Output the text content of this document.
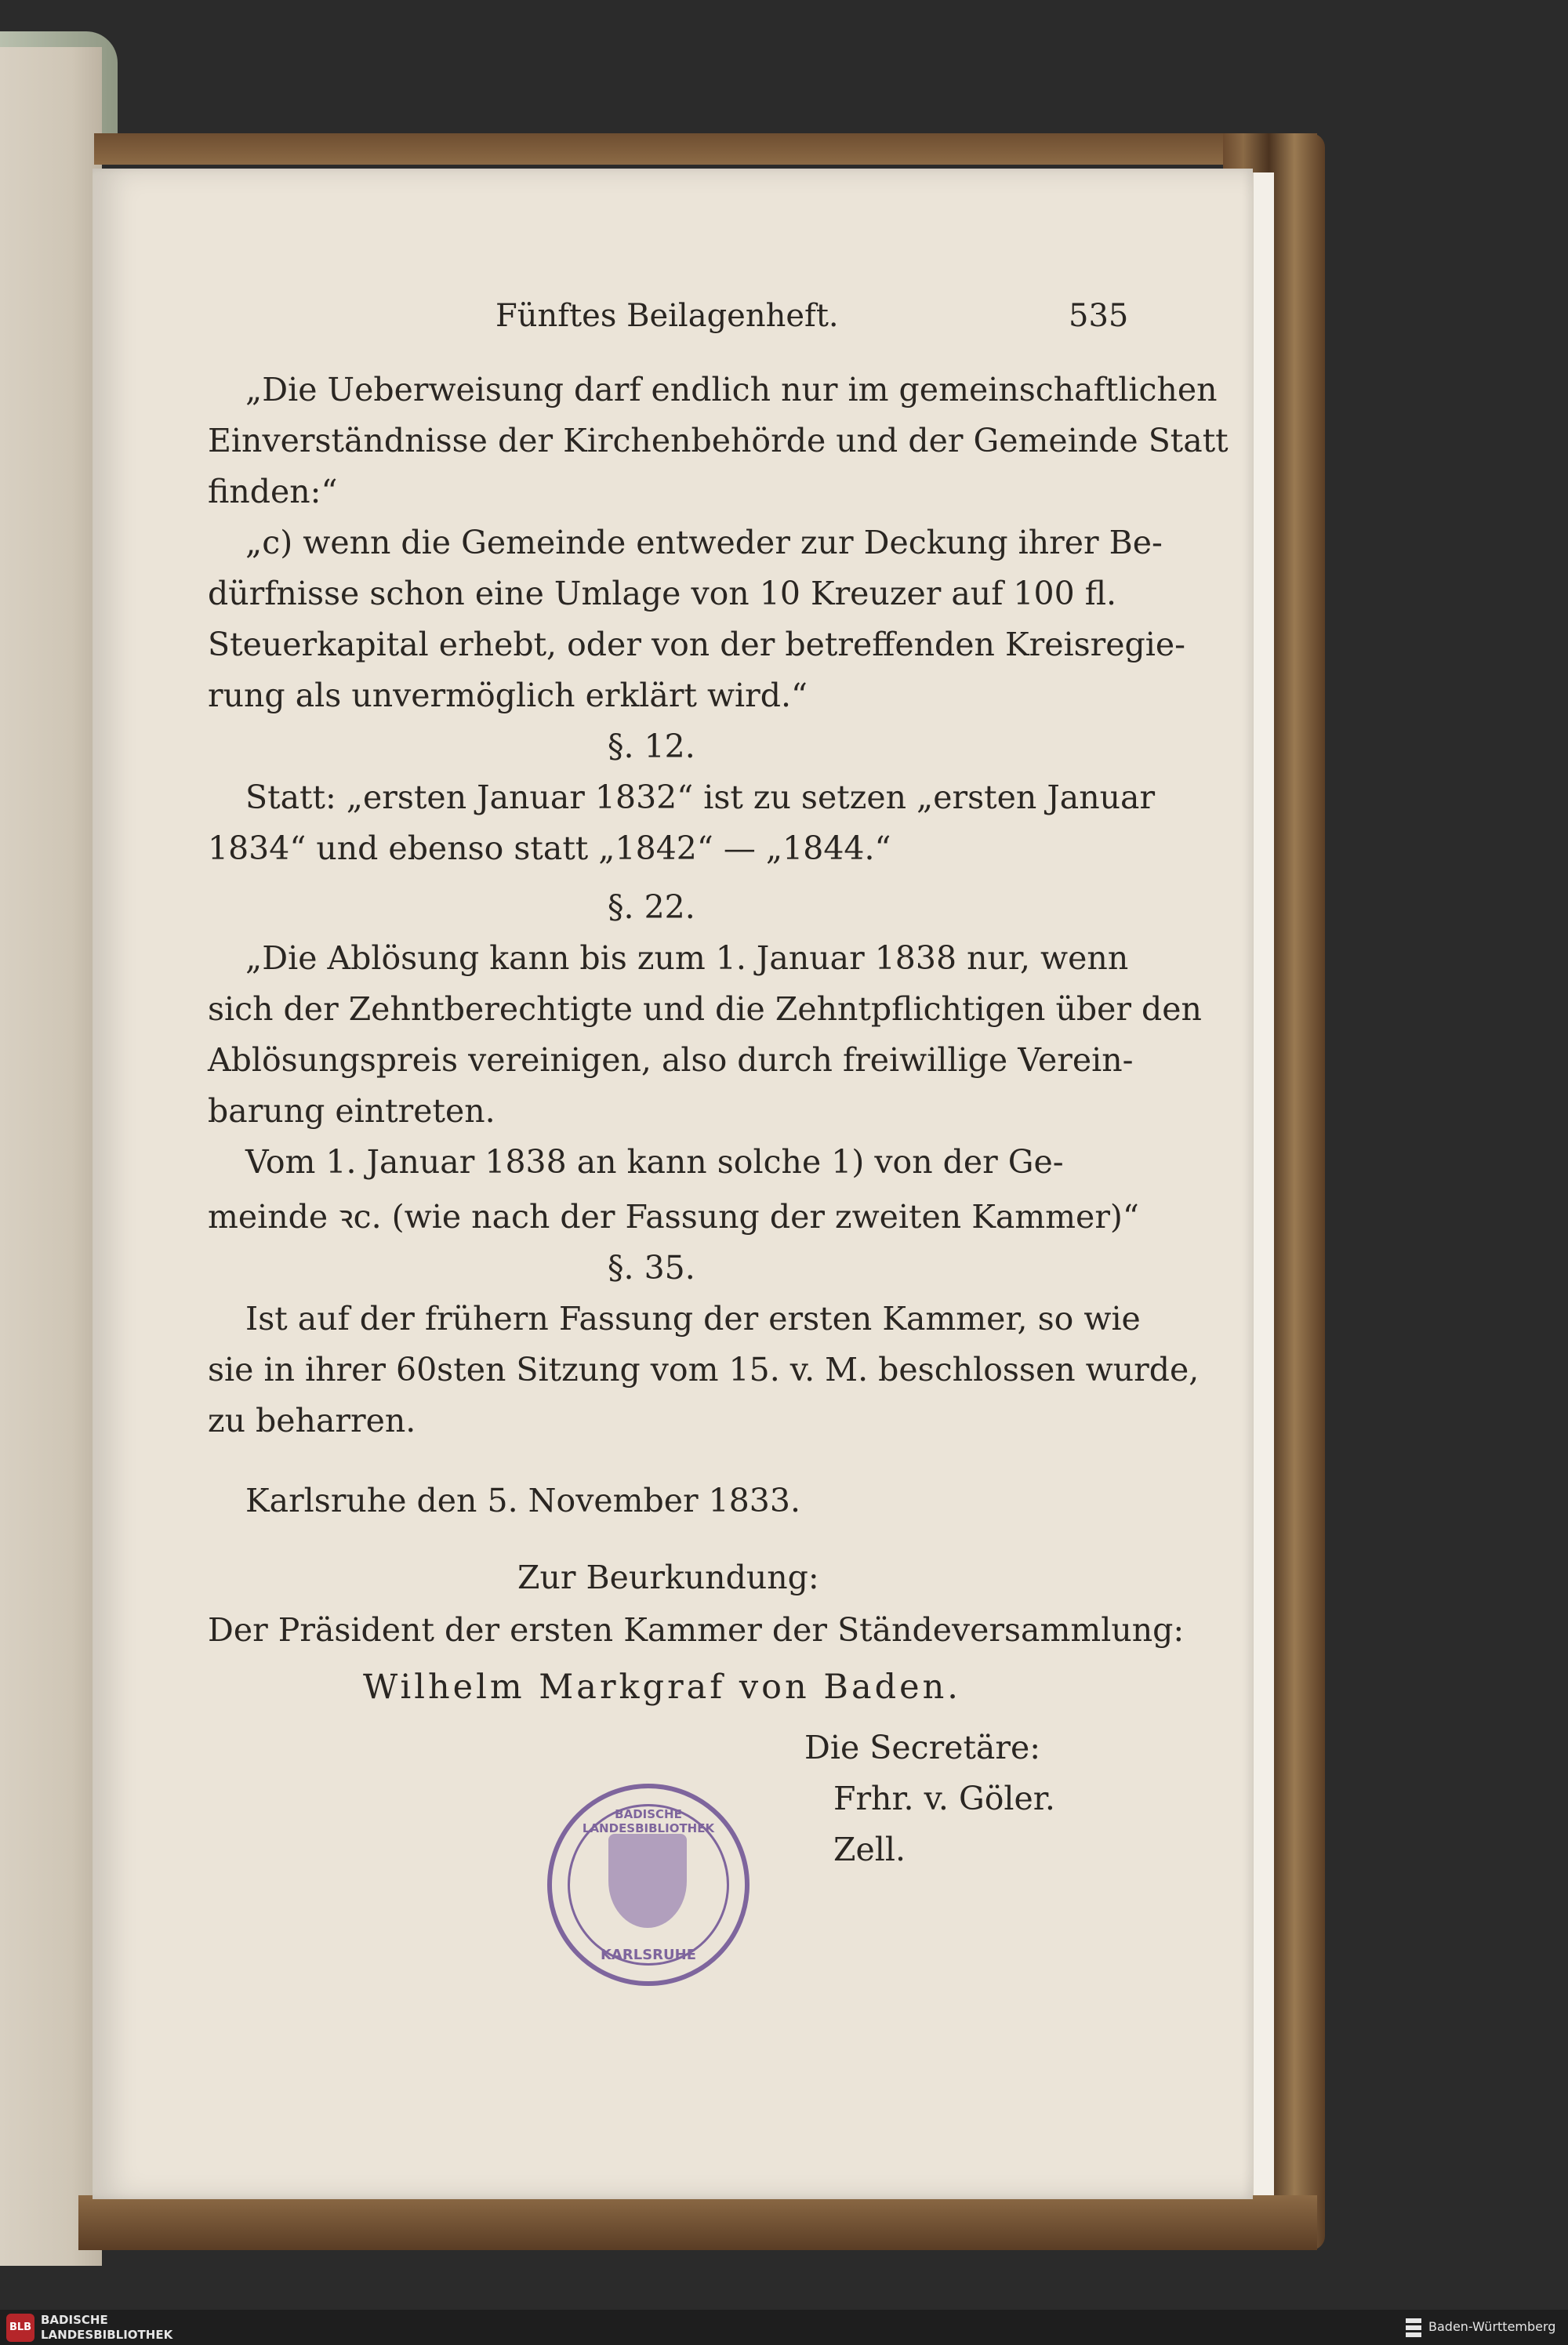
Fünftes Beilagenheft.	535
„Die Ueberweisung darf endlich nur im gemeinschaftlichen
Einverständnisse der Kirchenbehörde und der Gemeinde Statt
finden:“
„c) wenn die Gemeinde entweder zur Deckung ihrer Be-
dürfnisse schon eine Umlage von 10 Kreuzer auf 100 fl.
Steuerkapital erhebt, oder von der betreffenden Kreisregie-
rung als unvermöglich erklärt wird.“
§. 12.
Statt: „ersten Januar 1832“ ist zu setzen „ersten Januar
1834“ und ebenso statt „1842“ — „1844.“
§. 22.
„Die Ablösung kann bis zum 1. Januar 1838 nur, wenn
sich der Zehntberechtigte und die Zehntpflichtigen über den
Ablösungspreis vereinigen, also durch freiwillige Verein-
barung eintreten.
Vom 1. Januar 1838 an kann solche 1) von der Ge-
meinde ꝛc. (wie nach der Fassung der zweiten Kammer)“
§. 35.
Ist auf der frühern Fassung der ersten Kammer, so wie
sie in ihrer 60sten Sitzung vom 15. v. M. beschlossen wurde,
zu beharren.
Karlsruhe den 5. November 1833.
Zur Beurkundung:
Der Präsident der ersten Kammer der Ständeversammlung:
Wilhelm Markgraf von Baden.
Die Secretäre:
Frhr. v. Göler.
Zell.
BADISCHE LANDESBIBLIOTHEK
KARLSRUHE
BLB
BADISCHE
LANDESBIBLIOTHEK
Baden-Württemberg
